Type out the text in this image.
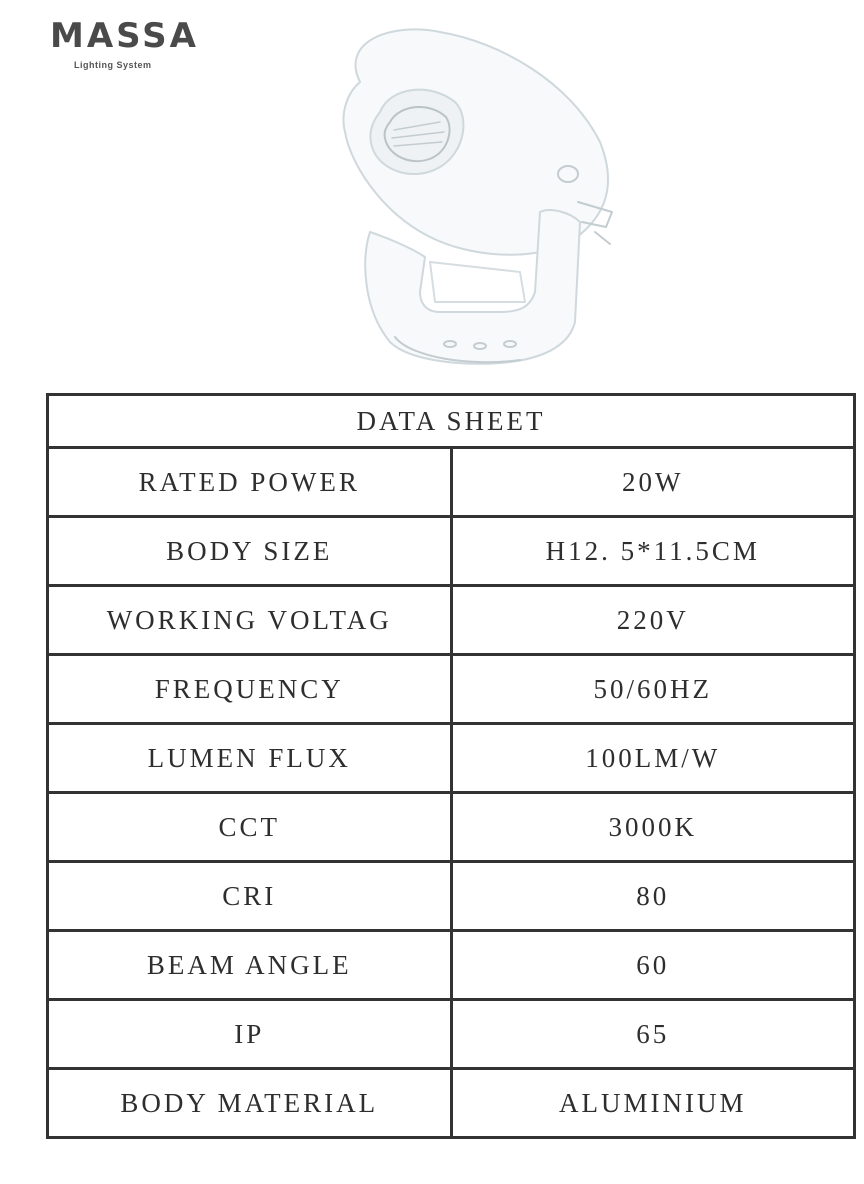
MASSA
Lighting System
DATA SHEET	
RATED POWER	20W
BODY SIZE	H12. 5*11.5CM
WORKING VOLTAG	220V
FREQUENCY	50/60HZ
LUMEN FLUX	100LM/W
CCT	3000K
CRI	80
BEAM ANGLE	60
IP	65
BODY MATERIAL	ALUMINIUM
